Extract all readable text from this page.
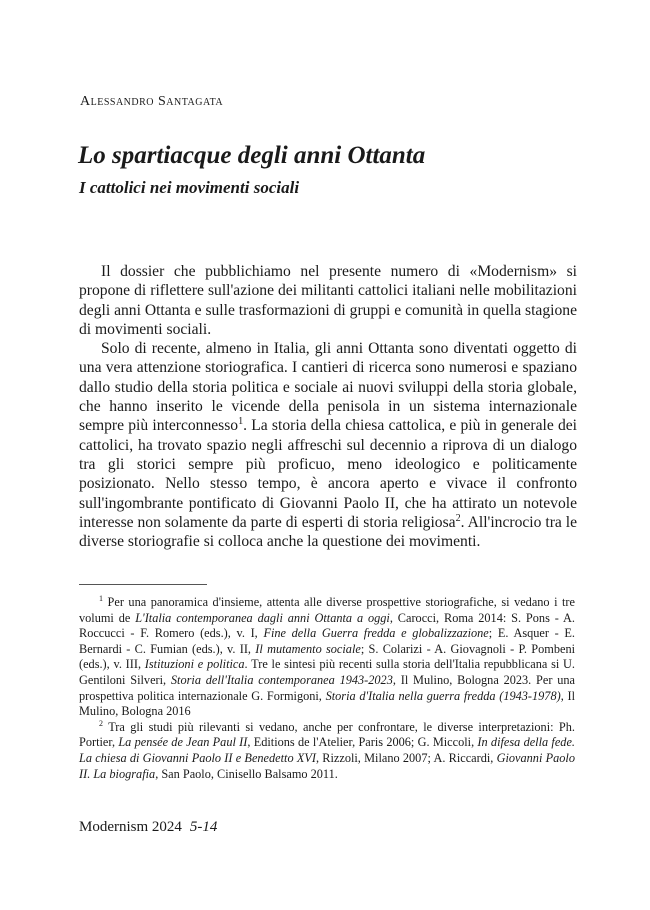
Alessandro Santagata

Lo spartiacque degli anni Ottanta
I cattolici nei movimenti sociali

Il dossier che pubblichiamo nel presente numero di «Modernism» si propone di riflettere sull'azione dei militanti cattolici italiani nelle mobilitazioni degli anni Ottanta e sulle trasformazioni di gruppi e comunità in quella stagione di movimenti sociali.

Solo di recente, almeno in Italia, gli anni Ottanta sono diventati oggetto di una vera attenzione storiografica. I cantieri di ricerca sono numerosi e spaziano dallo studio della storia politica e sociale ai nuovi sviluppi della storia globale, che hanno inserito le vicende della penisola in un sistema internazionale sempre più interconnesso$^1$. La storia della chiesa cattolica, e più in generale dei cattolici, ha trovato spazio negli affreschi sul decennio a riprova di un dialogo tra gli storici sempre più proficuo, meno ideologico e politicamente posizionato. Nello stesso tempo, è ancora aperto e vivace il confronto sull'ingombrante pontificato di Giovanni Paolo II, che ha attirato un notevole interesse non solamente da parte di esperti di storia religiosa$^2$. All'incrocio tra le diverse storiografie si colloca anche la questione dei movimenti.

$^1$ Per una panoramica d'insieme, attenta alle diverse prospettive storiografiche, si vedano i tre volumi de L'Italia contemporanea dagli anni Ottanta a oggi, Carocci, Roma 2014: S. Pons - A. Roccucci - F. Romero (eds.), v. I, Fine della Guerra fredda e globalizzazione; E. Asquer - E. Bernardi - C. Fumian (eds.), v. II, Il mutamento sociale; S. Colarizi - A. Giovagnoli - P. Pombeni (eds.), v. III, Istituzioni e politica. Tre le sintesi più recenti sulla storia dell'Italia repubblicana si U. Gentiloni Silveri, Storia dell'Italia contemporanea 1943-2023, Il Mulino, Bologna 2023. Per una prospettiva politica internazionale G. Formigoni, Storia d'Italia nella guerra fredda (1943-1978), Il Mulino, Bologna 2016

$^2$ Tra gli studi più rilevanti si vedano, anche per confrontare, le diverse interpretazioni: Ph. Portier, La pensée de Jean Paul II, Editions de l'Atelier, Paris 2006; G. Miccoli, In difesa della fede. La chiesa di Giovanni Paolo II e Benedetto XVI, Rizzoli, Milano 2007; A. Riccardi, Giovanni Paolo II. La biografia, San Paolo, Cinisello Balsamo 2011.

Modernism 2024 5-14
